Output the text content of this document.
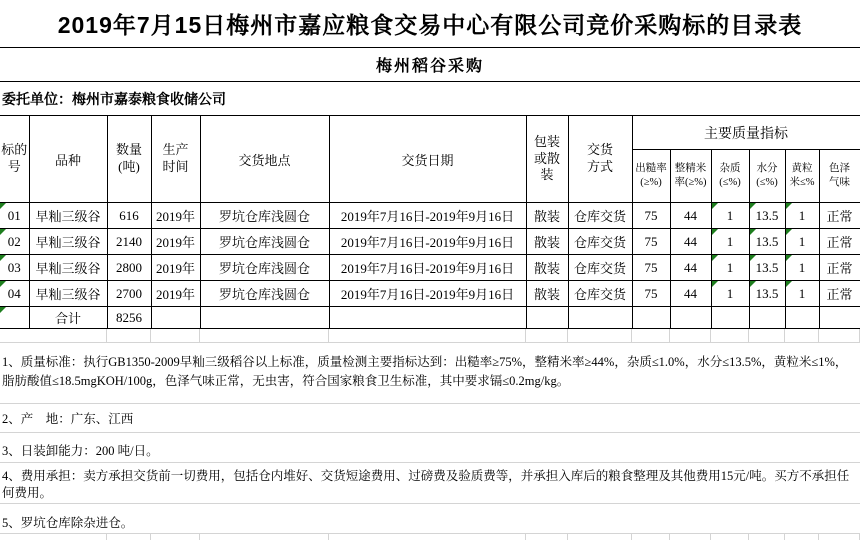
2019年7月15日梅州市嘉应粮食交易中心有限公司竞价采购标的目录表
梅州稻谷采购
委托单位：梅州市嘉泰粮食收储公司
标的号	品种	数量(吨)	生产时间	交货地点	交货日期	包装或散装	交货方式	主要质量指标					
								出糙率(≥%)	整精米率(≥%)	杂质(≤%)	水分(≤%)	黄粒米≤%	色泽气味

01	早籼三级谷	616	2019年	罗坑仓库浅圆仓	2019年7月16日-2019年9月16日	散装	仓库交货	75	44	1	13.5	1	正常

02	早籼三级谷	2140	2019年	罗坑仓库浅圆仓	2019年7月16日-2019年9月16日	散装	仓库交货	75	44	1	13.5	1	正常

03	早籼三级谷	2800	2019年	罗坑仓库浅圆仓	2019年7月16日-2019年9月16日	散装	仓库交货	75	44	1	13.5	1	正常

04	早籼三级谷	2700	2019年	罗坑仓库浅圆仓	2019年7月16日-2019年9月16日	散装	仓库交货	75	44	1	13.5	1	正常

	合计	8256											
1、质量标准：执行GB1350-2009早籼三级稻谷以上标准，质量检测主要指标达到：出糙率≥75%，整精米率≥44%，杂质≤1.0%，水分≤13.5%，黄粒米≤1%，脂肪酸值≤18.5mgKOH/100g，色泽气味正常，无虫害，符合国家粮食卫生标准，其中要求镉≤0.2mg/kg。
2、产　地：广东、江西
3、日装卸能力：200 吨/日。
4、费用承担：卖方承担交货前一切费用，包括仓内堆好、交货短途费用、过磅费及验质费等，并承担入库后的粮食整理及其他费用15元/吨。买方不承担任何费用。
5、罗坑仓库除杂进仓。
